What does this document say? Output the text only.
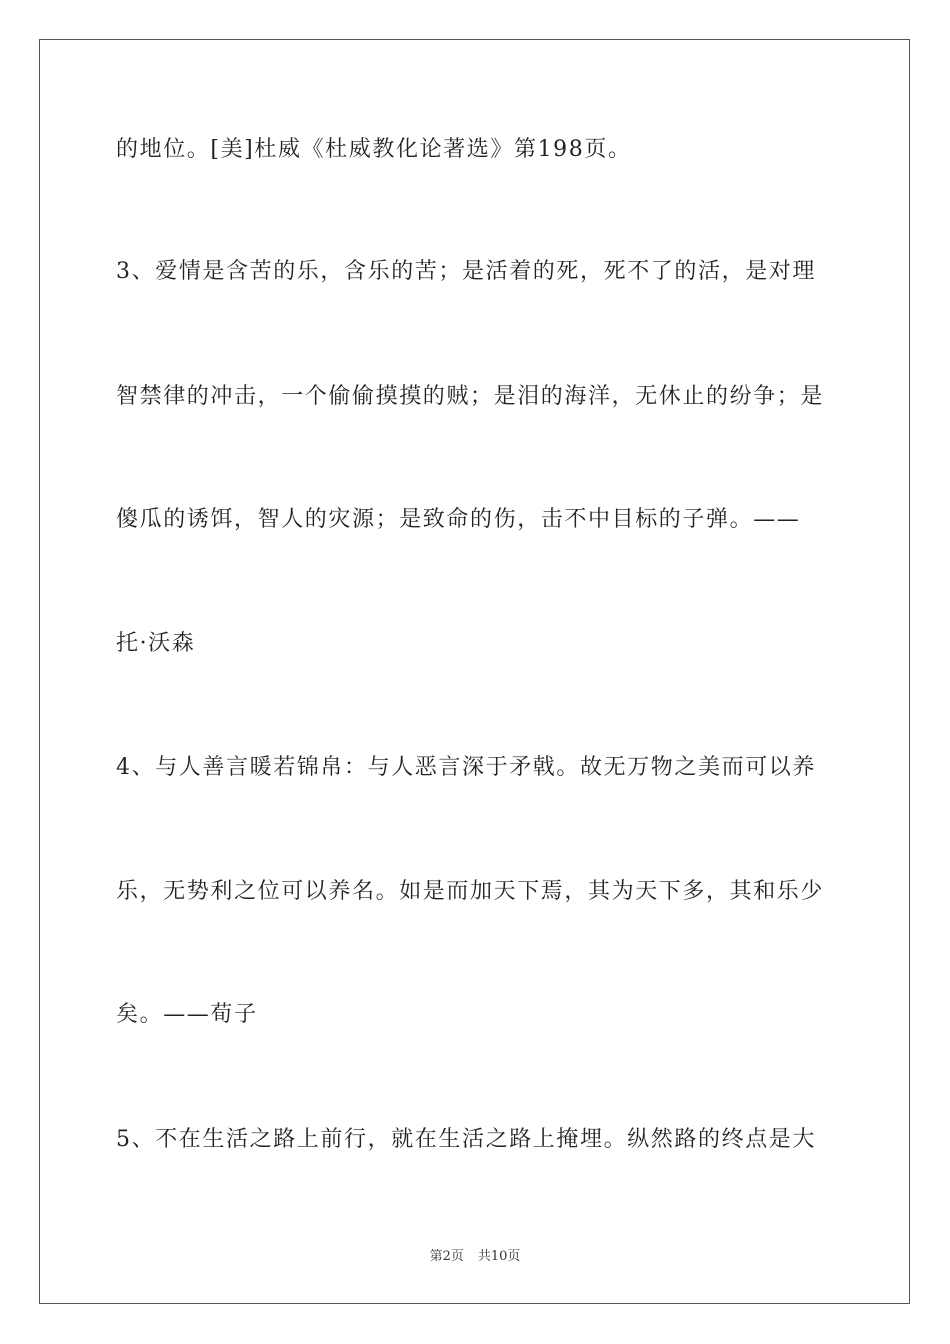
的地位。[美]杜威《杜威教化论著选》第198页。
3、爱情是含苦的乐，含乐的苦；是活着的死，死不了的活，是对理
智禁律的冲击，一个偷偷摸摸的贼；是泪的海洋，无休止的纷争；是
傻瓜的诱饵，智人的灾源；是致命的伤，击不中目标的子弹。——
托·沃森
4、与人善言暖若锦帛：与人恶言深于矛戟。故无万物之美而可以养
乐，无势利之位可以养名。如是而加天下焉，其为天下多，其和乐少
矣。——荀子
5、不在生活之路上前行，就在生活之路上掩埋。纵然路的终点是大
第2页 共10页
